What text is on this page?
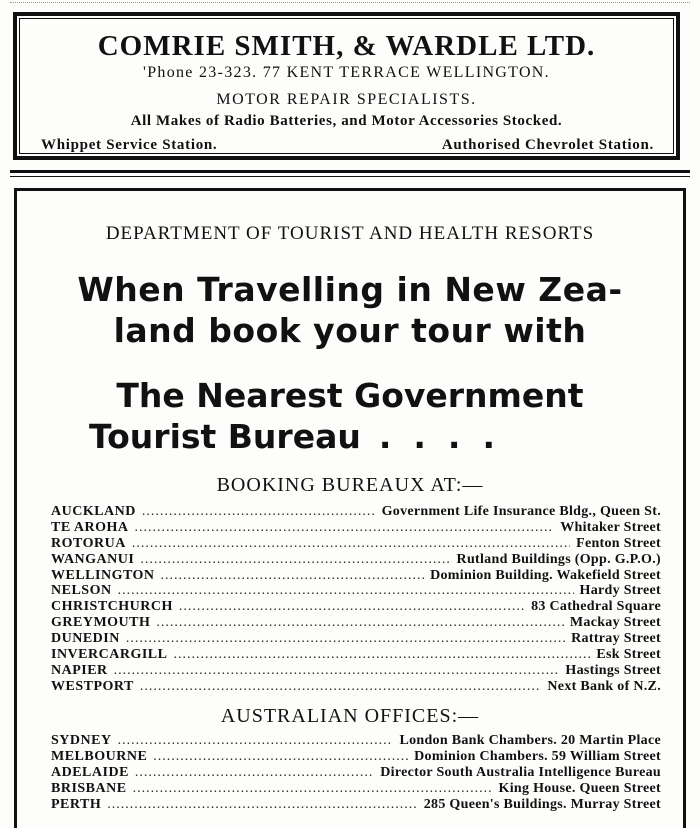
COMRIE SMITH, & WARDLE LTD.
'Phone 23-323. 77 KENT TERRACE WELLINGTON.
MOTOR REPAIR SPECIALISTS.
All Makes of Radio Batteries, and Motor Accessories Stocked.
Whippet Service Station.	Authorised Chevrolet Station.
DEPARTMENT OF TOURIST AND HEALTH RESORTS
When Travelling in New Zea-
land book your tour with
The Nearest Government
Tourist Bureau ....
BOOKING BUREAUX AT:—
AUCKLAND .....	Government Life Insurance Bldg., Queen St.
TE AROHA .....	Whitaker Street
ROTORUA .....	Fenton Street
WANGANUI .....	Rutland Buildings (Opp. G.P.O.)
WELLINGTON .....	Dominion Building. Wakefield Street
NELSON .....	Hardy Street
CHRISTCHURCH .....	83 Cathedral Square
GREYMOUTH .....	Mackay Street
DUNEDIN .....	Rattray Street
INVERCARGILL .....	Esk Street
NAPIER .....	Hastings Street
WESTPORT .....	Next Bank of N.Z.
AUSTRALIAN OFFICES:—
SYDNEY .....	London Bank Chambers. 20 Martin Place
MELBOURNE .....	Dominion Chambers. 59 William Street
ADELAIDE .....	Director South Australia Intelligence Bureau
BRISBANE .....	King House. Queen Street
PERTH .....	285 Queen's Buildings. Murray Street
